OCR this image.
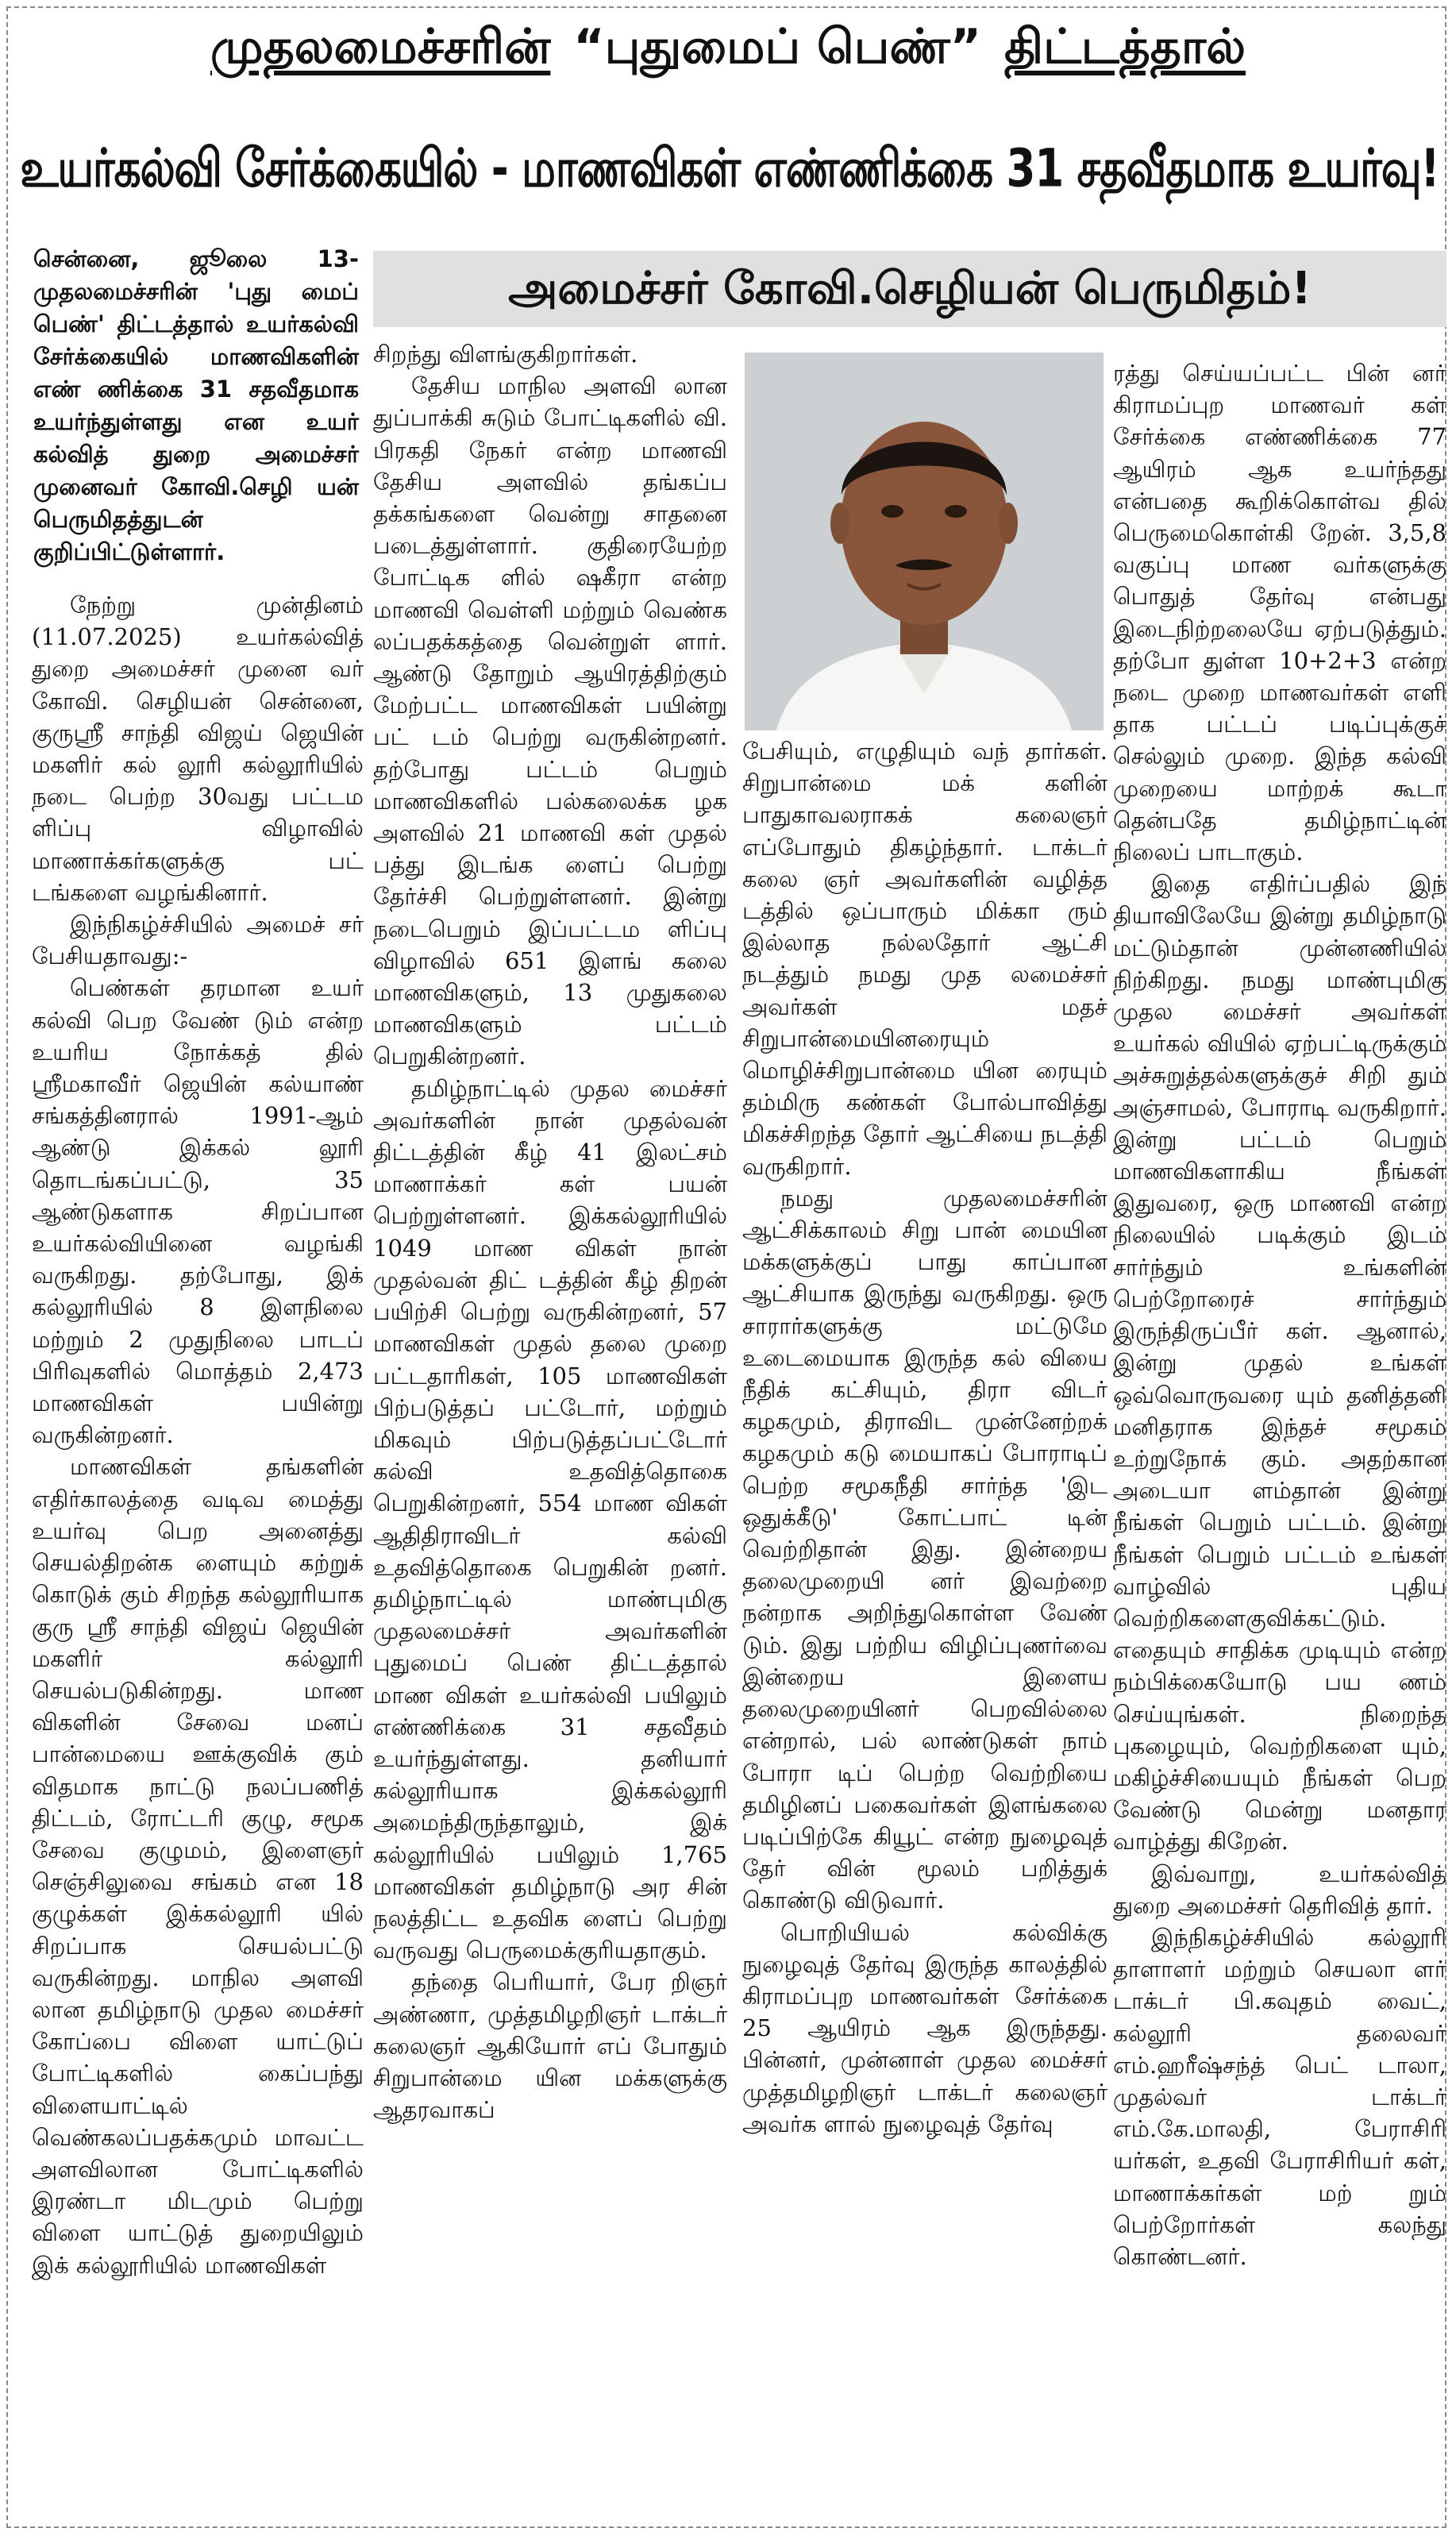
முதலமைச்சரின் “புதுமைப் பெண்” திட்டத்தால்
உயர்கல்வி சேர்க்கையில் - மாணவிகள் எண்ணிக்கை 31 சதவீதமாக உயர்வு!
சென்னை, ஜூலை 13- முதலமைச்சரின் 'புது மைப் பெண்' திட்டத்தால் உயர்கல்வி சேர்க்கையில் மாணவிகளின் எண் ணிக்கை 31 சதவீதமாக உயர்ந்துள்ளது என உயர் கல்வித் துறை அமைச்சர் முனைவர் கோவி.செழி யன் பெருமிதத்துடன் குறிப்பிட்டுள்ளார்.
அமைச்சர் கோவி.செழியன் பெருமிதம்!

நேற்று முன்தினம் (11.07.2025) உயர்கல்வித் துறை அமைச்சர் முனை வர் கோவி. செழியன் சென்னை, குருஸ்ரீ சாந்தி விஜய் ஜெயின் மகளிர் கல் லூரி கல்லூரியில் நடை பெற்ற 30வது பட்டம ளிப்பு விழாவில் மாணாக்கர்களுக்கு பட் டங்களை வழங்கினார்.

இந்நிகழ்ச்சியில் அமைச் சர் பேசியதாவது:-

பெண்கள் தரமான உயர் கல்வி பெற வேண் டும் என்ற உயரிய நோக்கத் தில் ஸ்ரீமகாவீர் ஜெயின் கல்யாண் சங்கத்தினரால் 1991-ஆம் ஆண்டு இக்கல் லூரி தொடங்கப்பட்டு, 35 ஆண்டுகளாக சிறப்பான உயர்கல்வியினை வழங்கி வருகிறது. தற்போது, இக் கல்லூரியில் 8 இளநிலை மற்றும் 2 முதுநிலை பாடப் பிரிவுகளில் மொத்தம் 2,473 மாணவிகள் பயின்று வருகின்றனர்.

மாணவிகள் தங்களின் எதிர்காலத்தை வடிவ மைத்து உயர்வு பெற அனைத்து செயல்திறன்க ளையும் கற்றுக் கொடுக் கும் சிறந்த கல்லூரியாக குரு ஸ்ரீ சாந்தி விஜய் ஜெயின் மகளிர் கல்லூரி செயல்படுகின்றது. மாண விகளின் சேவை மனப் பான்மையை ஊக்குவிக் கும் விதமாக நாட்டு நலப்பணித் திட்டம், ரோட்டரி குழு, சமூக சேவை குழுமம், இளைஞர் செஞ்சிலுவை சங்கம் என 18 குழுக்கள் இக்கல்லூரி யில் சிறப்பாக செயல்பட்டு வருகின்றது. மாநில அளவி லான தமிழ்நாடு முதல மைச்சர் கோப்பை விளை யாட்டுப் போட்டிகளில் கைப்பந்து விளையாட்டில் வெண்கலப்பதக்கமும் மாவட்ட அளவிலான போட்டிகளில் இரண்டா மிடமும் பெற்று விளை யாட்டுத் துறையிலும் இக் கல்லூரியில் மாணவிகள்

சிறந்து விளங்குகிறார்கள்.

தேசிய மாநில அளவி லான துப்பாக்கி சுடும் போட்டிகளில் வி. பிரகதி நேகர் என்ற மாணவி தேசிய அளவில் தங்கப்ப தக்கங்களை வென்று சாதனை படைத்துள்ளார். குதிரையேற்ற போட்டிக ளில் ஷகீரா என்ற மாணவி வெள்ளி மற்றும் வெண்க லப்பதக்கத்தை வென்றுள் ளார். ஆண்டு தோறும் ஆயிரத்திற்கும் மேற்பட்ட மாணவிகள் பயின்று பட் டம் பெற்று வருகின்றனர். தற்போது பட்டம் பெறும் மாணவிகளில் பல்கலைக்க ழக அளவில் 21 மாணவி கள் முதல் பத்து இடங்க ளைப் பெற்று தேர்ச்சி பெற்றுள்ளனர். இன்று நடைபெறும் இப்பட்டம ளிப்பு விழாவில் 651 இளங் கலை மாணவிகளும், 13 முதுகலை மாணவிகளும் பட்டம் பெறுகின்றனர்.

தமிழ்நாட்டில் முதல மைச்சர் அவர்களின் நான் முதல்வன் திட்டத்தின் கீழ் 41 இலட்சம் மாணாக்கர் கள் பயன் பெற்றுள்ளனர். இக்கல்லூரியில் 1049 மாண விகள் நான் முதல்வன் திட் டத்தின் கீழ் திறன் பயிற்சி பெற்று வருகின்றனர், 57 மாணவிகள் முதல் தலை முறை பட்டதாரிகள், 105 மாணவிகள் பிற்படுத்தப் பட்டோர், மற்றும் மிகவும் பிற்படுத்தப்பட்டோர் கல்வி உதவித்தொகை பெறுகின்றனர், 554 மாண விகள் ஆதிதிராவிடர் கல்வி உதவித்தொகை பெறுகின் றனர். தமிழ்நாட்டில் மாண்புமிகு முதலமைச்சர் அவர்களின் புதுமைப் பெண் திட்டத்தால் மாண விகள் உயர்கல்வி பயிலும் எண்ணிக்கை 31 சதவீதம் உயர்ந்துள்ளது. தனியார் கல்லூரியாக இக்கல்லூரி அமைந்திருந்தாலும், இக் கல்லூரியில் பயிலும் 1,765 மாணவிகள் தமிழ்நாடு அர சின் நலத்திட்ட உதவிக ளைப் பெற்று வருவது பெருமைக்குரியதாகும்.

தந்தை பெரியார், பேர றிஞர் அண்ணா, முத்தமிழறிஞர் டாக்டர் கலைஞர் ஆகியோர் எப் போதும் சிறுபான்மை யின மக்களுக்கு ஆதரவாகப்

பேசியும், எழுதியும் வந் தார்கள். சிறுபான்மை மக் களின் பாதுகாவலராகக் கலைஞர் எப்போதும் திகழ்ந்தார். டாக்டர் கலை ஞர் அவர்களின் வழித்த டத்தில் ஒப்பாரும் மிக்கா ரும் இல்லாத நல்லதோர் ஆட்சி நடத்தும் நமது முத லமைச்சர் அவர்கள் மதச் சிறுபான்மையினரையும் மொழிச்சிறுபான்மை யின ரையும் தம்மிரு கண்கள் போல்பாவித்து மிகச்சிறந்த தோர் ஆட்சியை நடத்தி வருகிறார்.

நமது முதலமைச்சரின் ஆட்சிக்காலம் சிறு பான் மையின மக்களுக்குப் பாது காப்பான ஆட்சியாக இருந்து வருகிறது. ஒரு சாரார்களுக்கு மட்டுமே உடைமையாக இருந்த கல் வியை நீதிக் கட்சியும், திரா விடர் கழகமும், திராவிட முன்னேற்றக் கழகமும் கடு மையாகப் போராடிப் பெற்ற சமூகநீதி சார்ந்த 'இட ஒதுக்கீடு' கோட்பாட் டின் வெற்றிதான் இது. இன்றைய தலைமுறையி னர் இவற்றை நன்றாக அறிந்துகொள்ள வேண் டும். இது பற்றிய விழிப்புணர்வை இன்றைய இளைய தலைமுறையினர் பெறவில்லை என்றால், பல் லாண்டுகள் நாம் போரா டிப் பெற்ற வெற்றியை தமிழினப் பகைவர்கள் இளங்கலை படிப்பிற்கே கியூட் என்ற நுழைவுத் தேர் வின் மூலம் பறித்துக் கொண்டு விடுவார்.

பொறியியல் கல்விக்கு நுழைவுத் தேர்வு இருந்த காலத்தில் கிராமப்புற மாணவர்கள் சேர்க்கை 25 ஆயிரம் ஆக இருந்தது. பின்னர், முன்னாள் முதல மைச்சர் முத்தமிழறிஞர் டாக்டர் கலைஞர் அவர்க ளால் நுழைவுத் தேர்வு

ரத்து செய்யப்பட்ட பின் னர் கிராமப்புற மாணவர் கள் சேர்க்கை எண்ணிக்கை 77 ஆயிரம் ஆக உயர்ந்தது என்பதை கூறிக்கொள்வ தில் பெருமைகொள்கி றேன். 3,5,8 வகுப்பு மாண வர்களுக்கு பொதுத் தேர்வு என்பது இடைநிற்றலையே ஏற்படுத்தும். தற்போ துள்ள 10+2+3 என்ற நடை முறை மாணவர்கள் எளி தாக பட்டப் படிப்புக்குச் செல்லும் முறை. இந்த கல்வி முறையை மாற்றக் கூடா தென்பதே தமிழ்நாட்டின் நிலைப் பாடாகும்.

இதை எதிர்ப்பதில் இந் தியாவிலேயே இன்று தமிழ்நாடு மட்டும்தான் முன்னணியில் நிற்கிறது. நமது மாண்புமிகு முதல மைச்சர் அவர்கள் உயர்கல் வியில் ஏற்பட்டிருக்கும் அச்சுறுத்தல்களுக்குச் சிறி தும் அஞ்சாமல், போராடி வருகிறார். இன்று பட்டம் பெறும் மாணவிகளாகிய நீங்கள் இதுவரை, ஒரு மாணவி என்ற நிலையில் படிக்கும் இடம் சார்ந்தும் உங்களின் பெற்றோரைச் சார்ந்தும் இருந்திருப்பீர் கள். ஆனால், இன்று முதல் உங்கள் ஒவ்வொருவரை யும் தனித்தனி மனிதராக இந்தச் சமூகம் உற்றுநோக் கும். அதற்கான அடையா ளம்தான் இன்று நீங்கள் பெறும் பட்டம். இன்று நீங்கள் பெறும் பட்டம் உங்கள் வாழ்வில் புதிய வெற்றிகளைகுவிக்கட்டும். எதையும் சாதிக்க முடியும் என்ற நம்பிக்கையோடு பய ணம் செய்யுங்கள். நிறைந்த புகழையும், வெற்றிகளை யும், மகிழ்ச்சியையும் நீங்கள் பெற வேண்டு மென்று மனதார வாழ்த்து கிறேன்.

இவ்வாறு, உயர்கல்வித் துறை அமைச்சர் தெரிவித் தார்.

இந்நிகழ்ச்சியில் கல்லூரி தாளாளர் மற்றும் செயலா ளர் டாக்டர் பி.கவுதம் வைட், கல்லூரி தலைவர் எம்.ஹரீஷ்சந்த் பெட் டாலா, முதல்வர் டாக்டர் எம்.கே.மாலதி, பேராசிரி யர்கள், உதவி பேராசிரியர் கள், மாணாக்கர்கள் மற் றும் பெற்றோர்கள் கலந்து கொண்டனர்.
